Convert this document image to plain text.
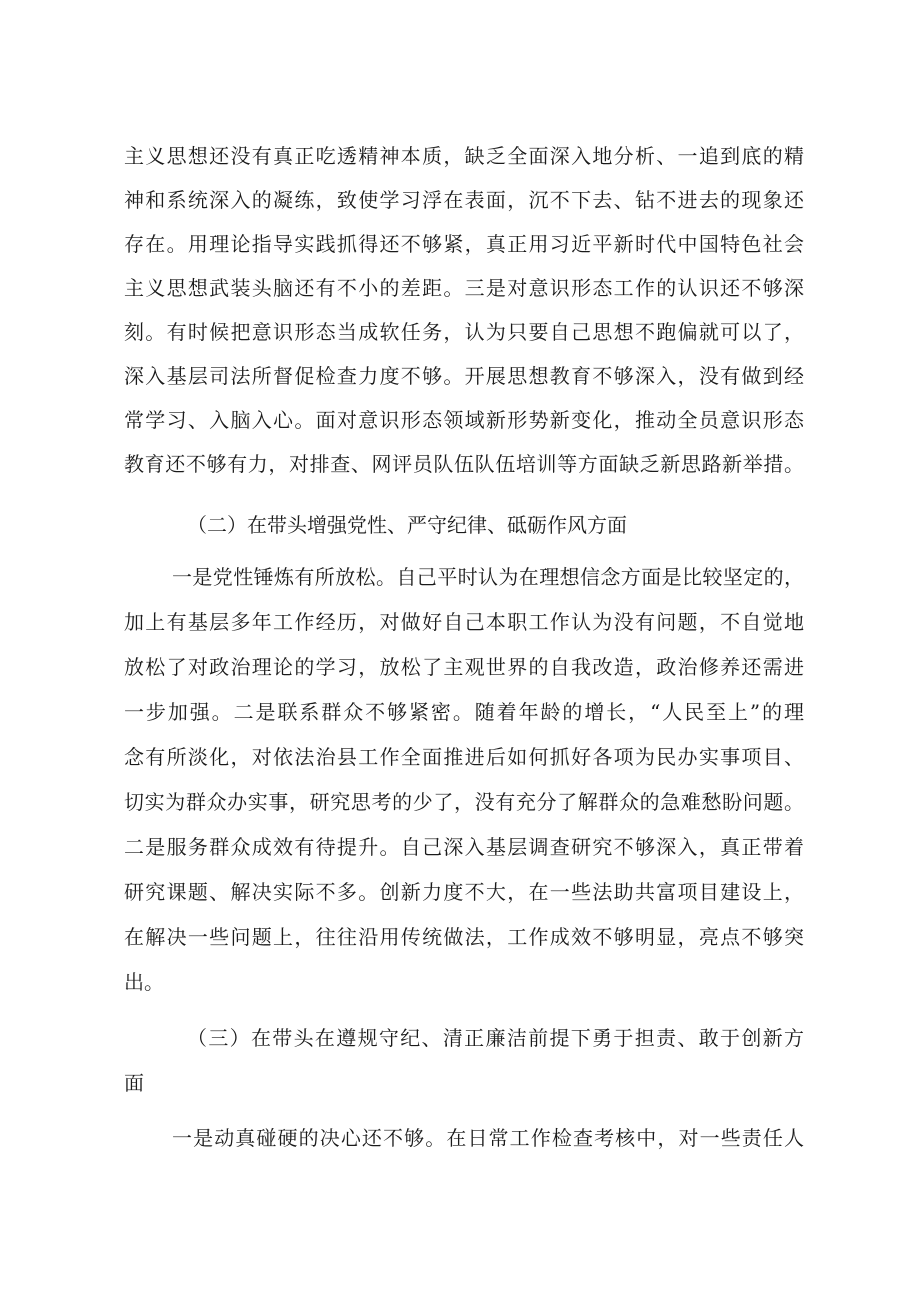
主义思想还没有真正吃透精神本质，缺乏全面深入地分析、一追到底的精
神和系统深入的凝练，致使学习浮在表面，沉不下去、钻不进去的现象还
存在。用理论指导实践抓得还不够紧，真正用习近平新时代中国特色社会
主义思想武装头脑还有不小的差距。三是对意识形态工作的认识还不够深
刻。有时候把意识形态当成软任务，认为只要自己思想不跑偏就可以了，
深入基层司法所督促检查力度不够。开展思想教育不够深入，没有做到经
常学习、入脑入心。面对意识形态领域新形势新变化，推动全员意识形态
教育还不够有力，对排查、网评员队伍队伍培训等方面缺乏新思路新举措。
（二）在带头增强党性、严守纪律、砥砺作风方面
一是党性锤炼有所放松。自己平时认为在理想信念方面是比较坚定的，
加上有基层多年工作经历，对做好自己本职工作认为没有问题，不自觉地
放松了对政治理论的学习，放松了主观世界的自我改造，政治修养还需进
一步加强。二是联系群众不够紧密。随着年龄的增长，“人民至上”的理
念有所淡化，对依法治县工作全面推进后如何抓好各项为民办实事项目、
切实为群众办实事，研究思考的少了，没有充分了解群众的急难愁盼问题。
二是服务群众成效有待提升。自己深入基层调查研究不够深入，真正带着
研究课题、解决实际不多。创新力度不大，在一些法助共富项目建设上，
在解决一些问题上，往往沿用传统做法，工作成效不够明显，亮点不够突
出。
（三）在带头在遵规守纪、清正廉洁前提下勇于担责、敢于创新方
面
一是动真碰硬的决心还不够。在日常工作检查考核中，对一些责任人
